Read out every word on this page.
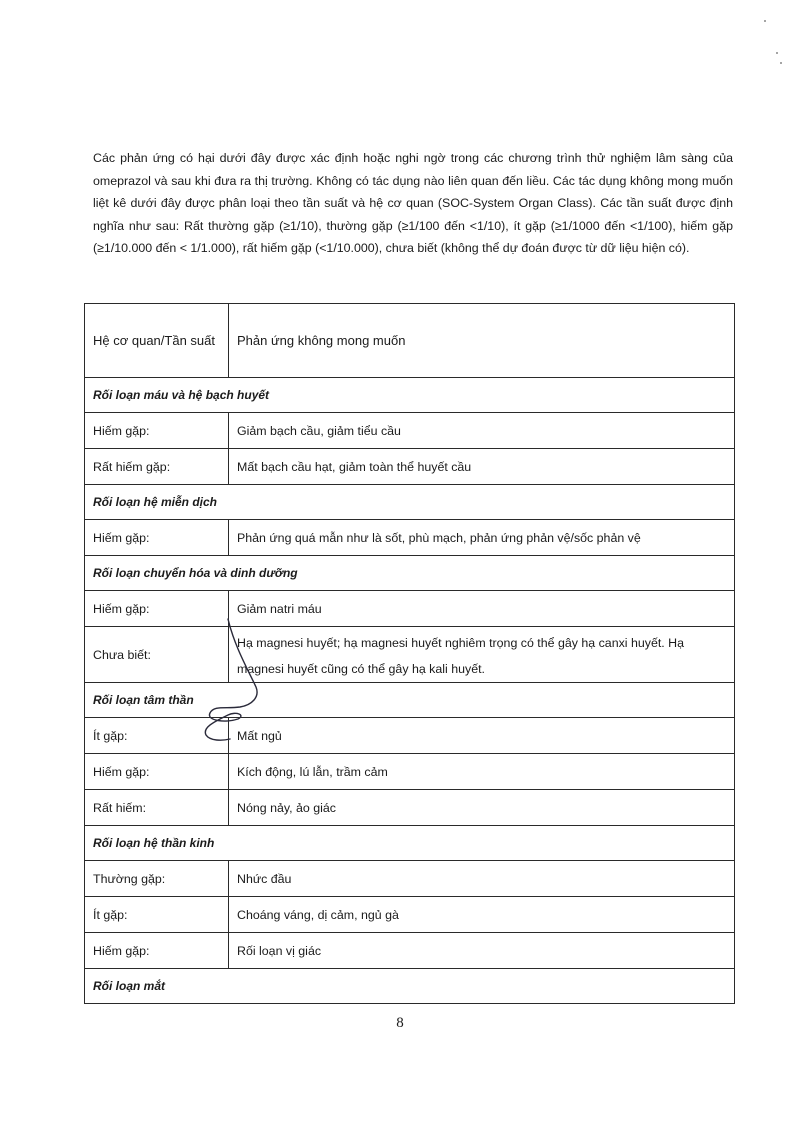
Các phản ứng có hại dưới đây được xác định hoặc nghi ngờ trong các chương trình thử nghiệm lâm sàng của omeprazol và sau khi đưa ra thị trường. Không có tác dụng nào liên quan đến liều. Các tác dụng không mong muốn liệt kê dưới đây được phân loại theo tần suất và hệ cơ quan (SOC-System Organ Class). Các tần suất được định nghĩa như sau: Rất thường gặp (≥1/10), thường gặp (≥1/100 đến <1/10), ít gặp (≥1/1000 đến <1/100), hiếm gặp (≥1/10.000 đến < 1/1.000), rất hiếm gặp (<1/10.000), chưa biết (không thể dự đoán được từ dữ liệu hiện có).

Hệ cơ quan/Tần suất	Phản ứng không mong muốn
Rối loạn máu và hệ bạch huyết	
Hiếm gặp:	Giảm bạch cầu, giảm tiểu cầu
Rất hiếm gặp:	Mất bạch cầu hạt, giảm toàn thể huyết cầu
Rối loạn hệ miễn dịch	
Hiếm gặp:	Phản ứng quá mẫn như là sốt, phù mạch, phản ứng phản vệ/sốc phản vệ
Rối loạn chuyển hóa và dinh dưỡng	
Hiếm gặp:	Giảm natri máu
Chưa biết:	Hạ magnesi huyết; hạ magnesi huyết nghiêm trọng có thể gây hạ canxi huyết. Hạ magnesi huyết cũng có thể gây hạ kali huyết.
Rối loạn tâm thần	
Ít gặp:	Mất ngủ
Hiếm gặp:	Kích động, lú lẫn, trầm cảm
Rất hiếm:	Nóng nảy, ảo giác
Rối loạn hệ thần kinh	
Thường gặp:	Nhức đầu
Ít gặp:	Choáng váng, dị cảm, ngủ gà
Hiếm gặp:	Rối loạn vị giác
Rối loạn mắt	
8
